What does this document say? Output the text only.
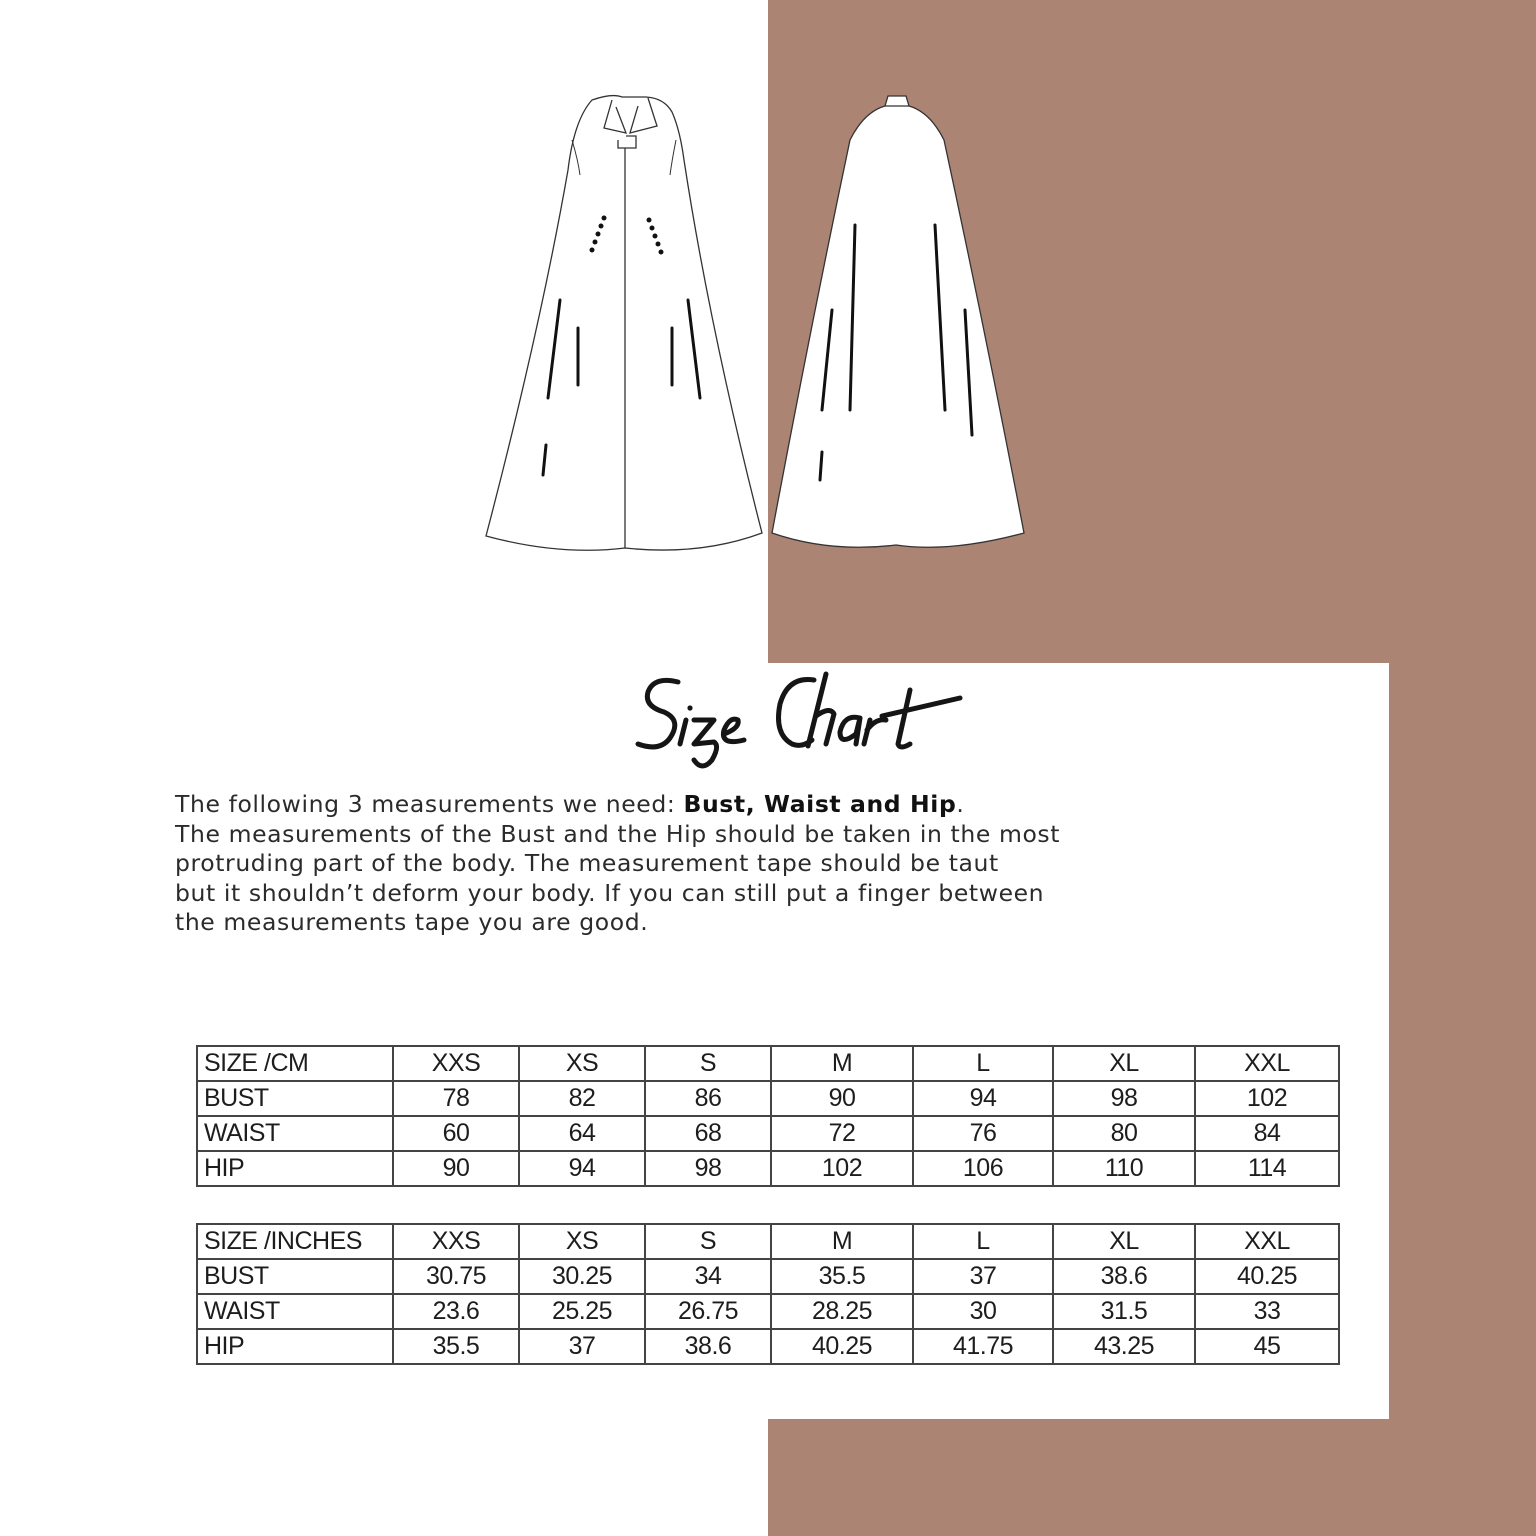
The following 3 measurements we need: Bust, Waist and Hip.
The measurements of the Bust and the Hip should be taken in the most
protruding part of the body. The measurement tape should be taut
but it shouldn’t deform your body. If you can still put a finger between
the measurements tape you are good.
SIZE /CM	XXS	XS	S	M	L	XL	XXL
BUST	78	82	86	90	94	98	102
WAIST	60	64	68	72	76	80	84
HIP	90	94	98	102	106	110	114
SIZE /INCHES	XXS	XS	S	M	L	XL	XXL
BUST	30.75	30.25	34	35.5	37	38.6	40.25
WAIST	23.6	25.25	26.75	28.25	30	31.5	33
HIP	35.5	37	38.6	40.25	41.75	43.25	45
